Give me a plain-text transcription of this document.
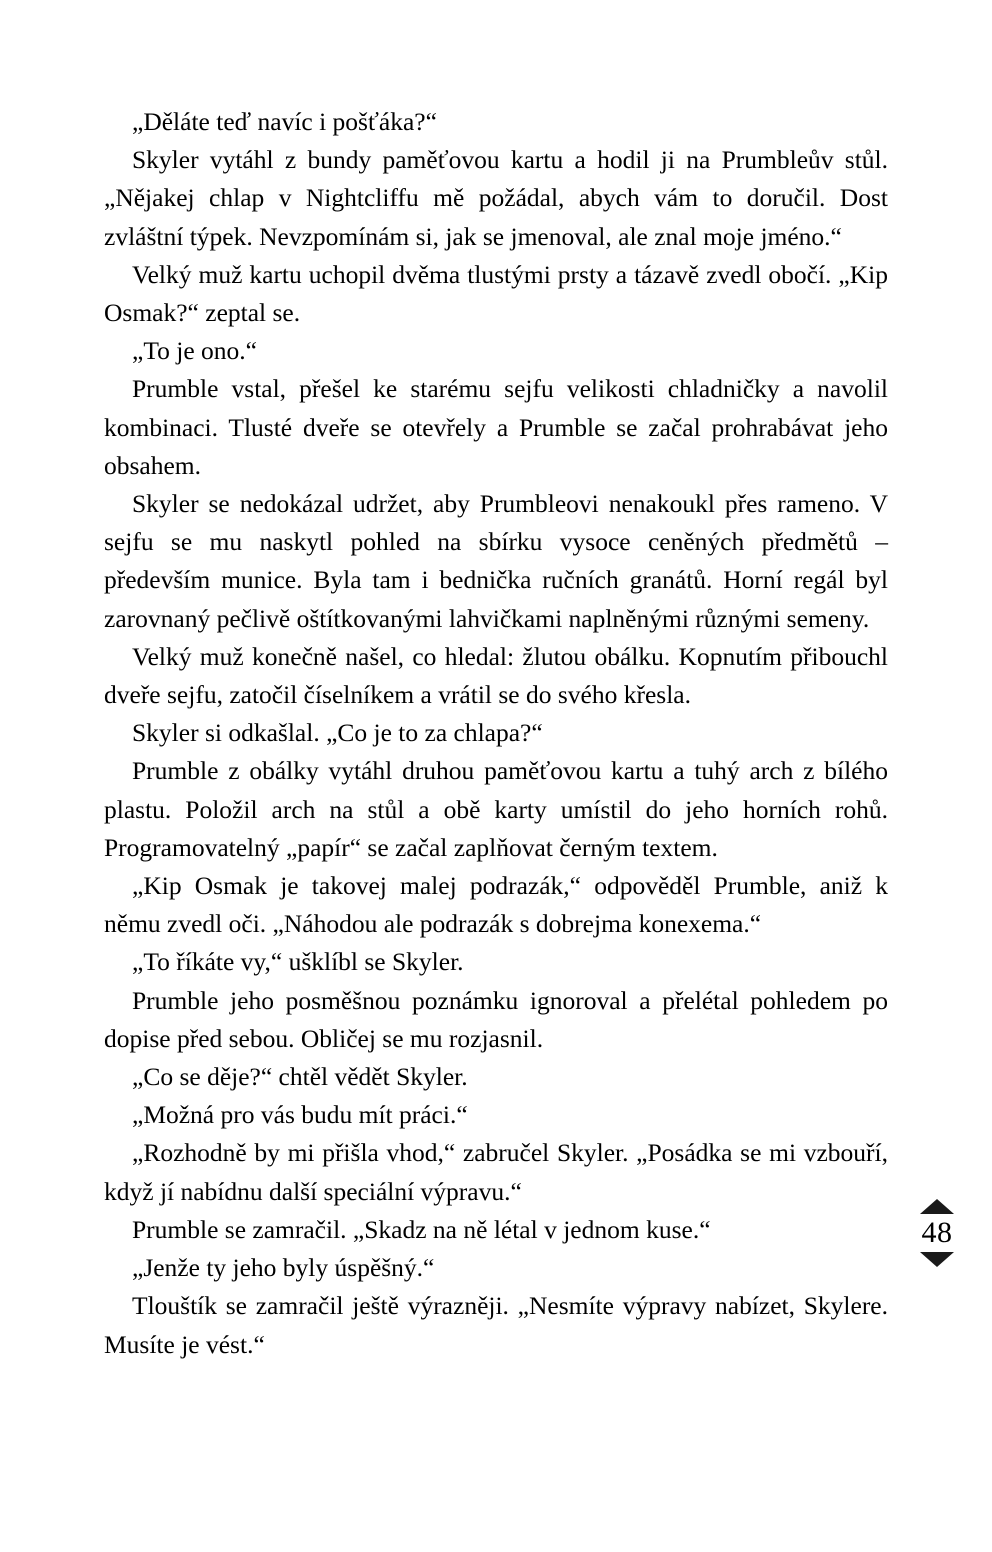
„Děláte teď navíc i pošťáka?“

Skyler vytáhl z bundy paměťovou kartu a hodil ji na Prumbleův stůl. „Nějakej chlap v Nightcliffu mě požádal, abych vám to doručil. Dost zvláštní týpek. Nevzpomínám si, jak se jmenoval, ale znal moje jméno.“

Velký muž kartu uchopil dvěma tlustými prsty a tázavě zvedl obočí. „Kip Osmak?“ zeptal se.

„To je ono.“

Prumble vstal, přešel ke starému sejfu velikosti chladničky a navolil kombinaci. Tlusté dveře se otevřely a Prumble se začal prohrabávat jeho obsahem.

Skyler se nedokázal udržet, aby Prumbleovi nenakoukl přes rameno. V sejfu se mu naskytl pohled na sbírku vysoce ceněných předmětů – především munice. Byla tam i bednička ručních granátů. Horní regál byl zarovnaný pečlivě oštítkovanými lahvičkami naplněnými různými semeny.

Velký muž konečně našel, co hledal: žlutou obálku. Kopnutím přibouchl dveře sejfu, zatočil číselníkem a vrátil se do svého křesla.

Skyler si odkašlal. „Co je to za chlapa?“

Prumble z obálky vytáhl druhou paměťovou kartu a tuhý arch z bílého plastu. Položil arch na stůl a obě karty umístil do jeho horních rohů. Programovatelný „papír“ se začal zaplňovat černým textem.

„Kip Osmak je takovej malej podrazák,“ odpověděl Prumble, aniž k němu zvedl oči. „Náhodou ale podrazák s dobrejma konexema.“

„To říkáte vy,“ ušklíbl se Skyler.

Prumble jeho posměšnou poznámku ignoroval a přelétal pohledem po dopise před sebou. Obličej se mu rozjasnil.

„Co se děje?“ chtěl vědět Skyler.

„Možná pro vás budu mít práci.“

„Rozhodně by mi přišla vhod,“ zabručel Skyler. „Posádka se mi vzbouří, když jí nabídnu další speciální výpravu.“

Prumble se zamračil. „Skadz na ně létal v jednom kuse.“

„Jenže ty jeho byly úspěšný.“

Tlouštík se zamračil ještě výrazněji. „Nesmíte výpravy nabízet, Skylere. Musíte je vést.“

48
